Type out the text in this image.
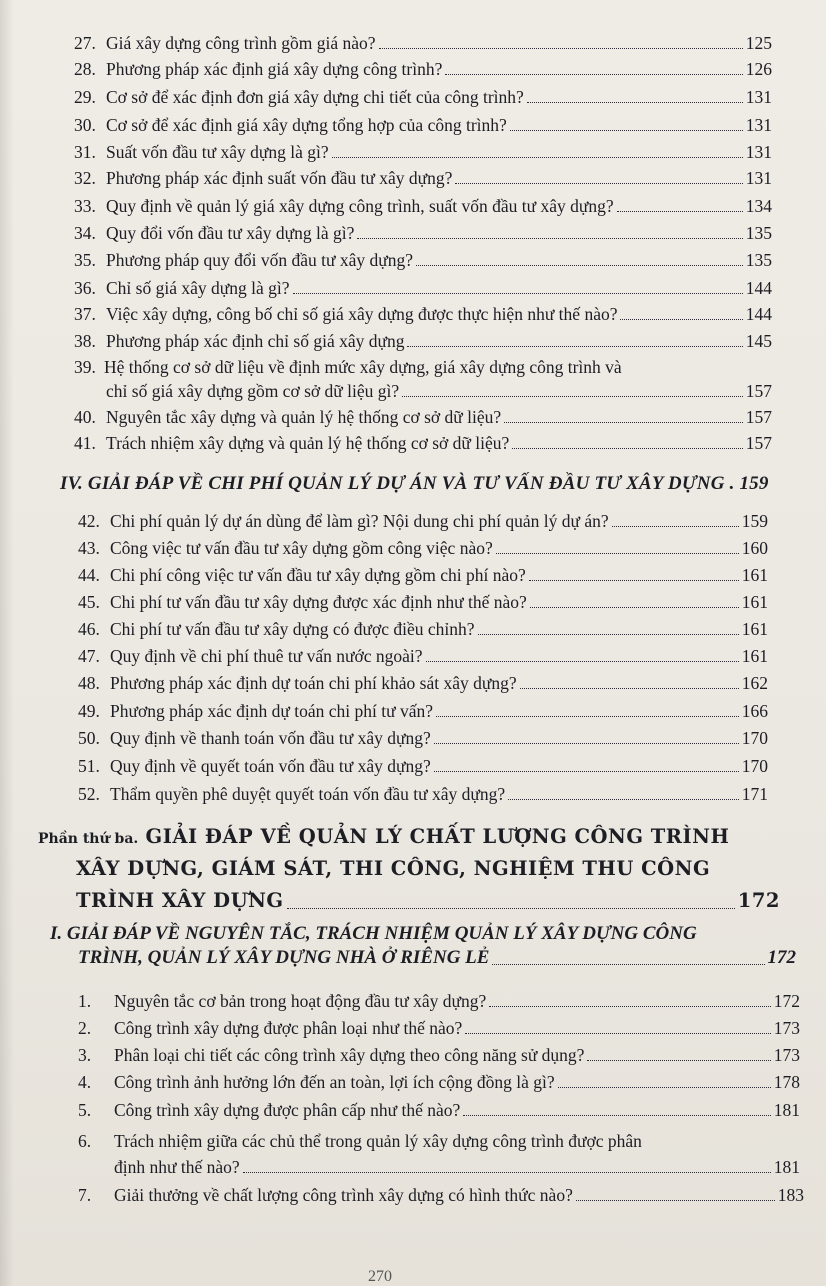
27. Giá xây dựng công trình gồm giá nào?	125
28. Phương pháp xác định giá xây dựng công trình?	126
29. Cơ sở để xác định đơn giá xây dựng chi tiết của công trình?	131
30. Cơ sở để xác định giá xây dựng tổng hợp của công trình?	131
31. Suất vốn đầu tư xây dựng là gì?	131
32. Phương pháp xác định suất vốn đầu tư xây dựng?	131
33. Quy định về quản lý giá xây dựng công trình, suất vốn đầu tư xây dựng?	134
34. Quy đổi vốn đầu tư xây dựng là gì?	135
35. Phương pháp quy đổi vốn đầu tư xây dựng?	135
36. Chỉ số giá xây dựng là gì?	144
37. Việc xây dựng, công bố chỉ số giá xây dựng được thực hiện như thế nào?	144
38. Phương pháp xác định chỉ số giá xây dựng	145
39. Hệ thống cơ sở dữ liệu về định mức xây dựng, giá xây dựng công trình và
chỉ số giá xây dựng gồm cơ sở dữ liệu gì?	157
40. Nguyên tắc xây dựng và quản lý hệ thống cơ sở dữ liệu?	157
41. Trách nhiệm xây dựng và quản lý hệ thống cơ sở dữ liệu?	157
IV. GIẢI ĐÁP VỀ CHI PHÍ QUẢN LÝ DỰ ÁN VÀ TƯ VẤN ĐẦU TƯ XÂY DỰNG . 159
42. Chi phí quản lý dự án dùng để làm gì? Nội dung chi phí quản lý dự án?	159
43. Công việc tư vấn đầu tư xây dựng gồm công việc nào?	160
44. Chi phí công việc tư vấn đầu tư xây dựng gồm chi phí nào?	161
45. Chi phí tư vấn đầu tư xây dựng được xác định như thế nào?	161
46. Chi phí tư vấn đầu tư xây dựng có được điều chỉnh?	161
47. Quy định về chi phí thuê tư vấn nước ngoài?	161
48. Phương pháp xác định dự toán chi phí khảo sát xây dựng?	162
49. Phương pháp xác định dự toán chi phí tư vấn?	166
50. Quy định về thanh toán vốn đầu tư xây dựng?	170
51. Quy định về quyết toán vốn đầu tư xây dựng?	170
52. Thẩm quyền phê duyệt quyết toán vốn đầu tư xây dựng?	171
Phần thứ ba. GIẢI ĐÁP VỀ QUẢN LÝ CHẤT LƯỢNG CÔNG TRÌNH
XÂY DỰNG, GIÁM SÁT, THI CÔNG, NGHIỆM THU CÔNG
TRÌNH XÂY DỰNG	172
I. GIẢI ĐÁP VỀ NGUYÊN TẮC, TRÁCH NHIỆM QUẢN LÝ XÂY DỰNG CÔNG
TRÌNH, QUẢN LÝ XÂY DỰNG NHÀ Ở RIÊNG LẺ	172
1.	Nguyên tắc cơ bản trong hoạt động đầu tư xây dựng?	172
2.	Công trình xây dựng được phân loại như thế nào?	173
3.	Phân loại chi tiết các công trình xây dựng theo công năng sử dụng?	173
4.	Công trình ảnh hưởng lớn đến an toàn, lợi ích cộng đồng là gì?	178
5.	Công trình xây dựng được phân cấp như thế nào?	181
6.	Trách nhiệm giữa các chủ thể trong quản lý xây dựng công trình được phân
định như thế nào?	181
7.	Giải thưởng về chất lượng công trình xây dựng có hình thức nào?	183
270
